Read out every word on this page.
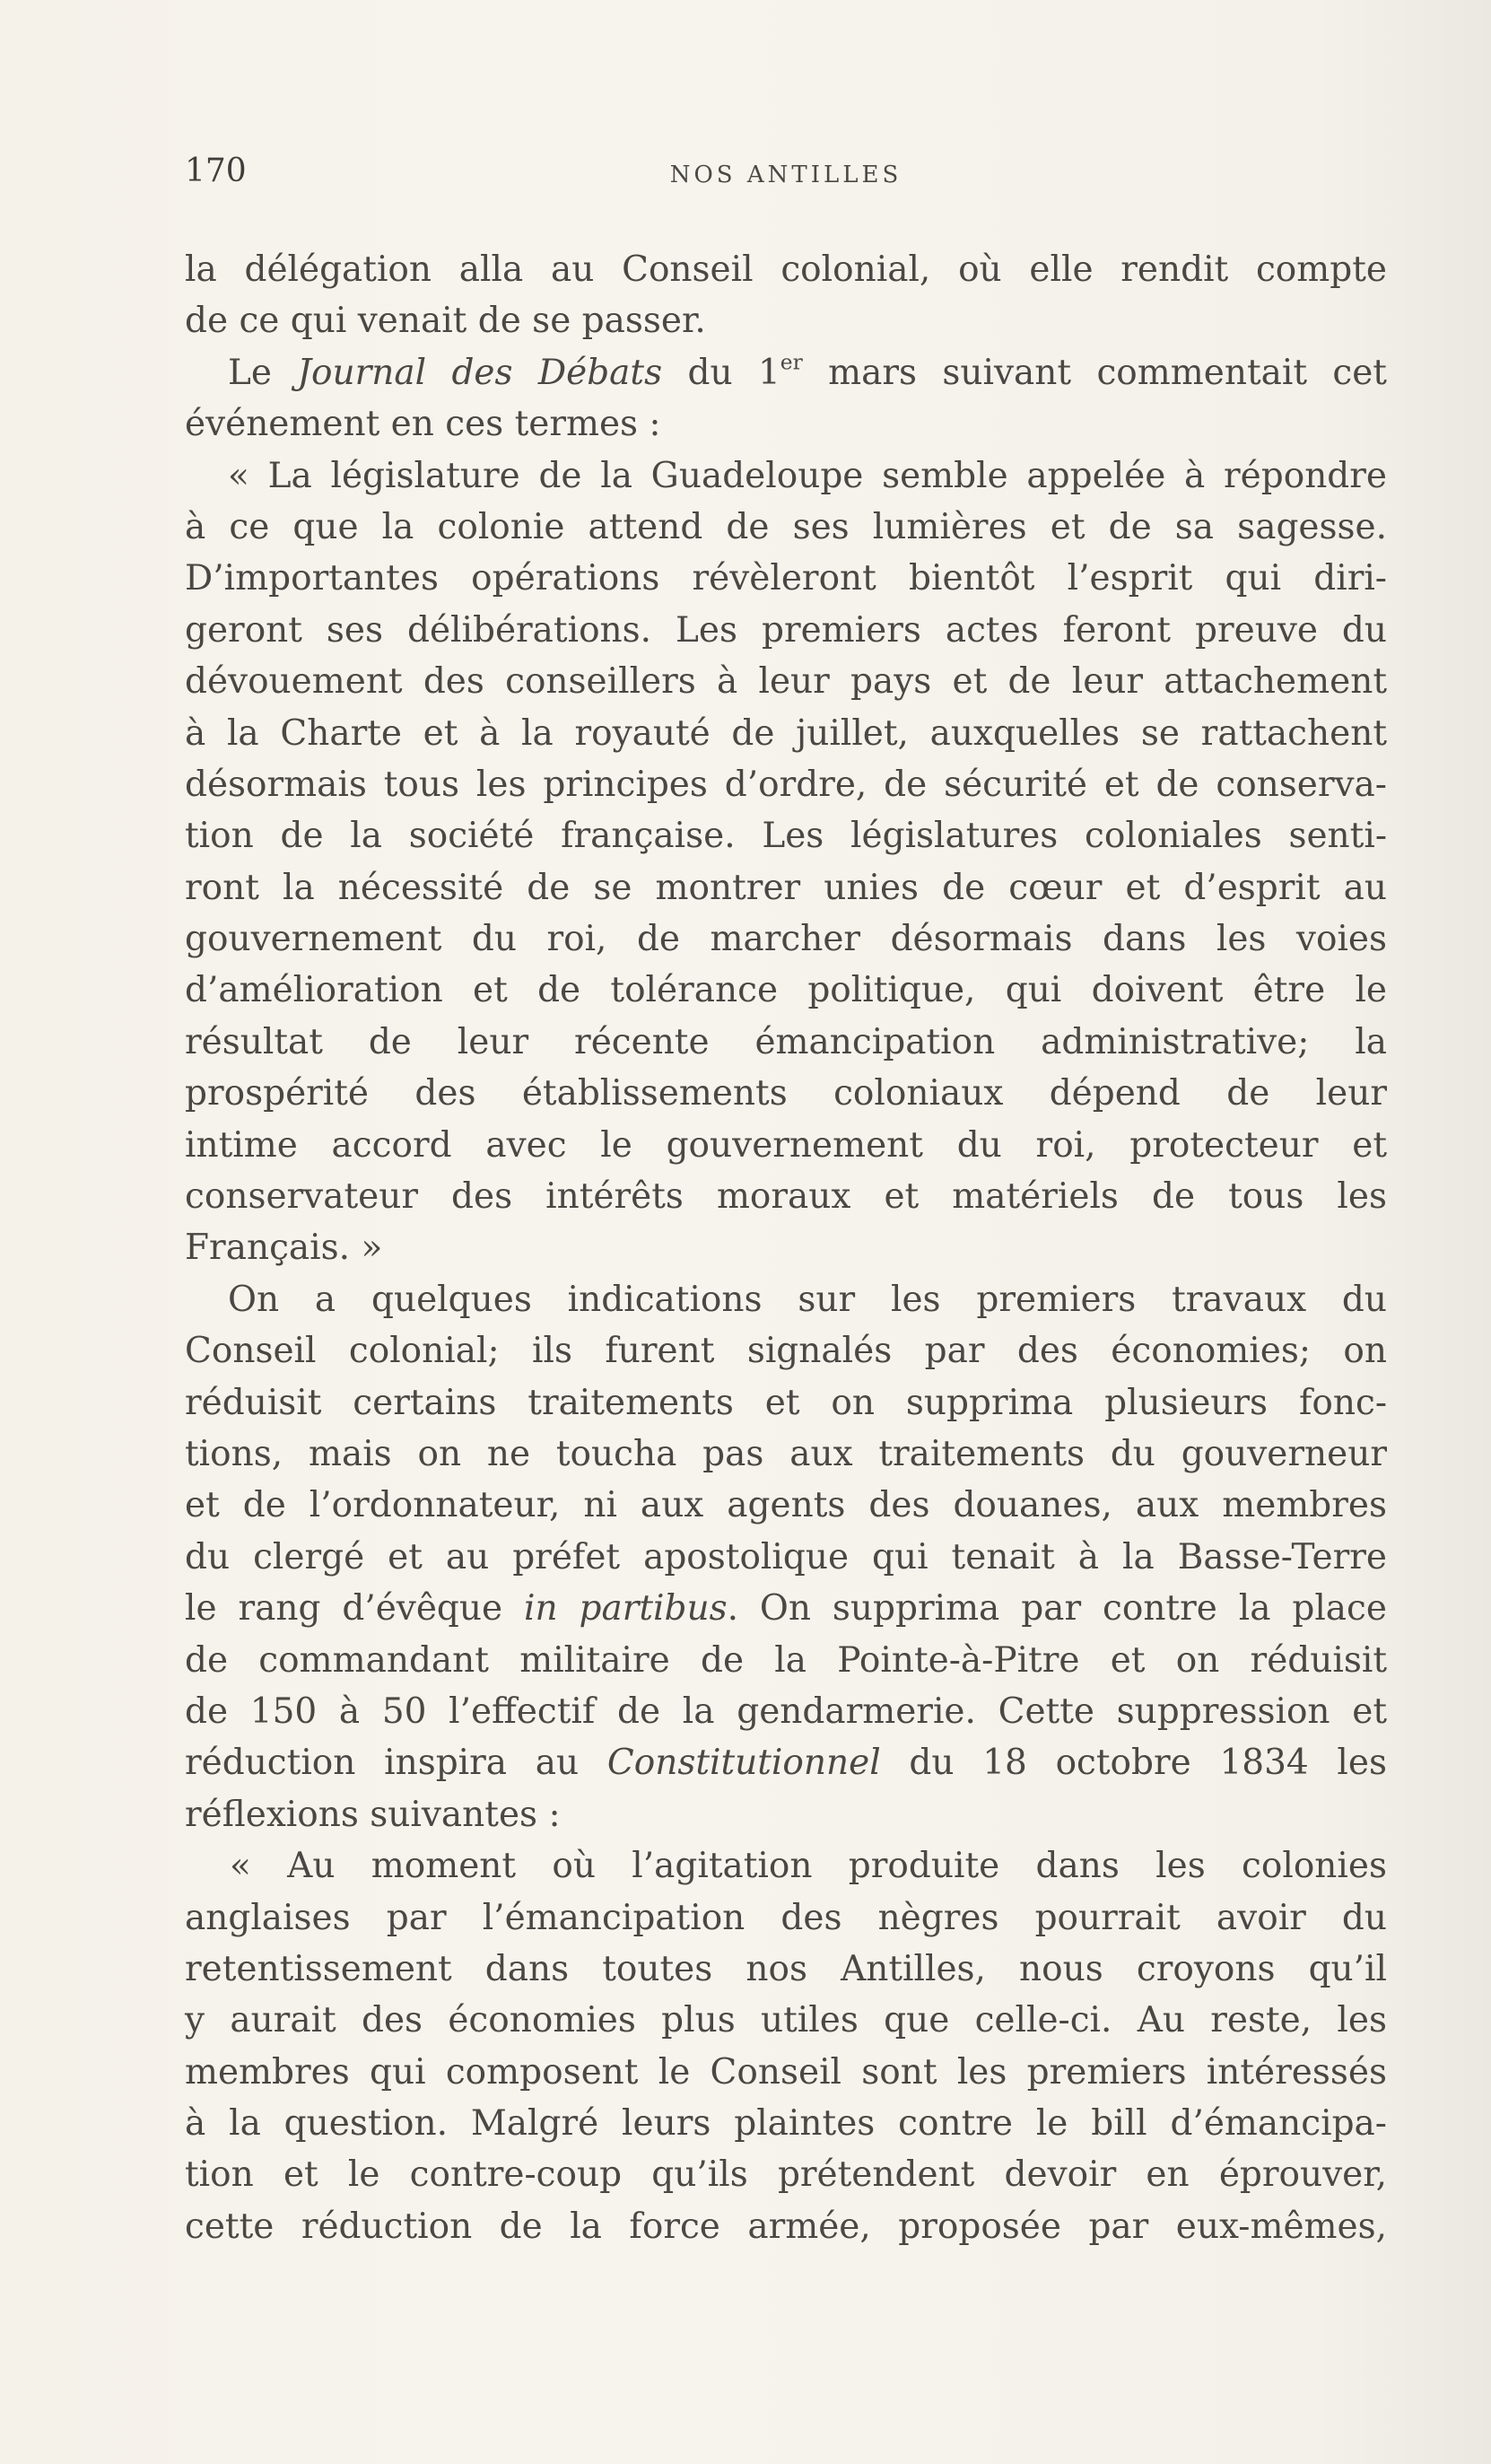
170	NOS ANTILLES
la délégation alla au Conseil colonial, où elle rendit compte
de ce qui venait de se passer.
Le Journal des Débats du 1er mars suivant commentait cet
événement en ces termes :
« La législature de la Guadeloupe semble appelée à répondre
à ce que la colonie attend de ses lumières et de sa sagesse.
D’importantes opérations révèleront bientôt l’esprit qui diri-
geront ses délibérations. Les premiers actes feront preuve du
dévouement des conseillers à leur pays et de leur attachement
à la Charte et à la royauté de juillet, auxquelles se rattachent
désormais tous les principes d’ordre, de sécurité et de conserva-
tion de la société française. Les législatures coloniales senti-
ront la nécessité de se montrer unies de cœur et d’esprit au
gouvernement du roi, de marcher désormais dans les voies
d’amélioration et de tolérance politique, qui doivent être le
résultat de leur récente émancipation administrative; la
prospérité des établissements coloniaux dépend de leur
intime accord avec le gouvernement du roi, protecteur et
conservateur des intérêts moraux et matériels de tous les
Français. »
On a quelques indications sur les premiers travaux du
Conseil colonial; ils furent signalés par des économies; on
réduisit certains traitements et on supprima plusieurs fonc-
tions, mais on ne toucha pas aux traitements du gouverneur
et de l’ordonnateur, ni aux agents des douanes, aux membres
du clergé et au préfet apostolique qui tenait à la Basse-Terre
le rang d’évêque in partibus. On supprima par contre la place
de commandant militaire de la Pointe-à-Pitre et on réduisit
de 150 à 50 l’effectif de la gendarmerie. Cette suppression et
réduction inspira au Constitutionnel du 18 octobre 1834 les
réflexions suivantes :
« Au moment où l’agitation produite dans les colonies
anglaises par l’émancipation des nègres pourrait avoir du
retentissement dans toutes nos Antilles, nous croyons qu’il
y aurait des économies plus utiles que celle-ci. Au reste, les
membres qui composent le Conseil sont les premiers intéressés
à la question. Malgré leurs plaintes contre le bill d’émancipa-
tion et le contre-coup qu’ils prétendent devoir en éprouver,
cette réduction de la force armée, proposée par eux-mêmes,
